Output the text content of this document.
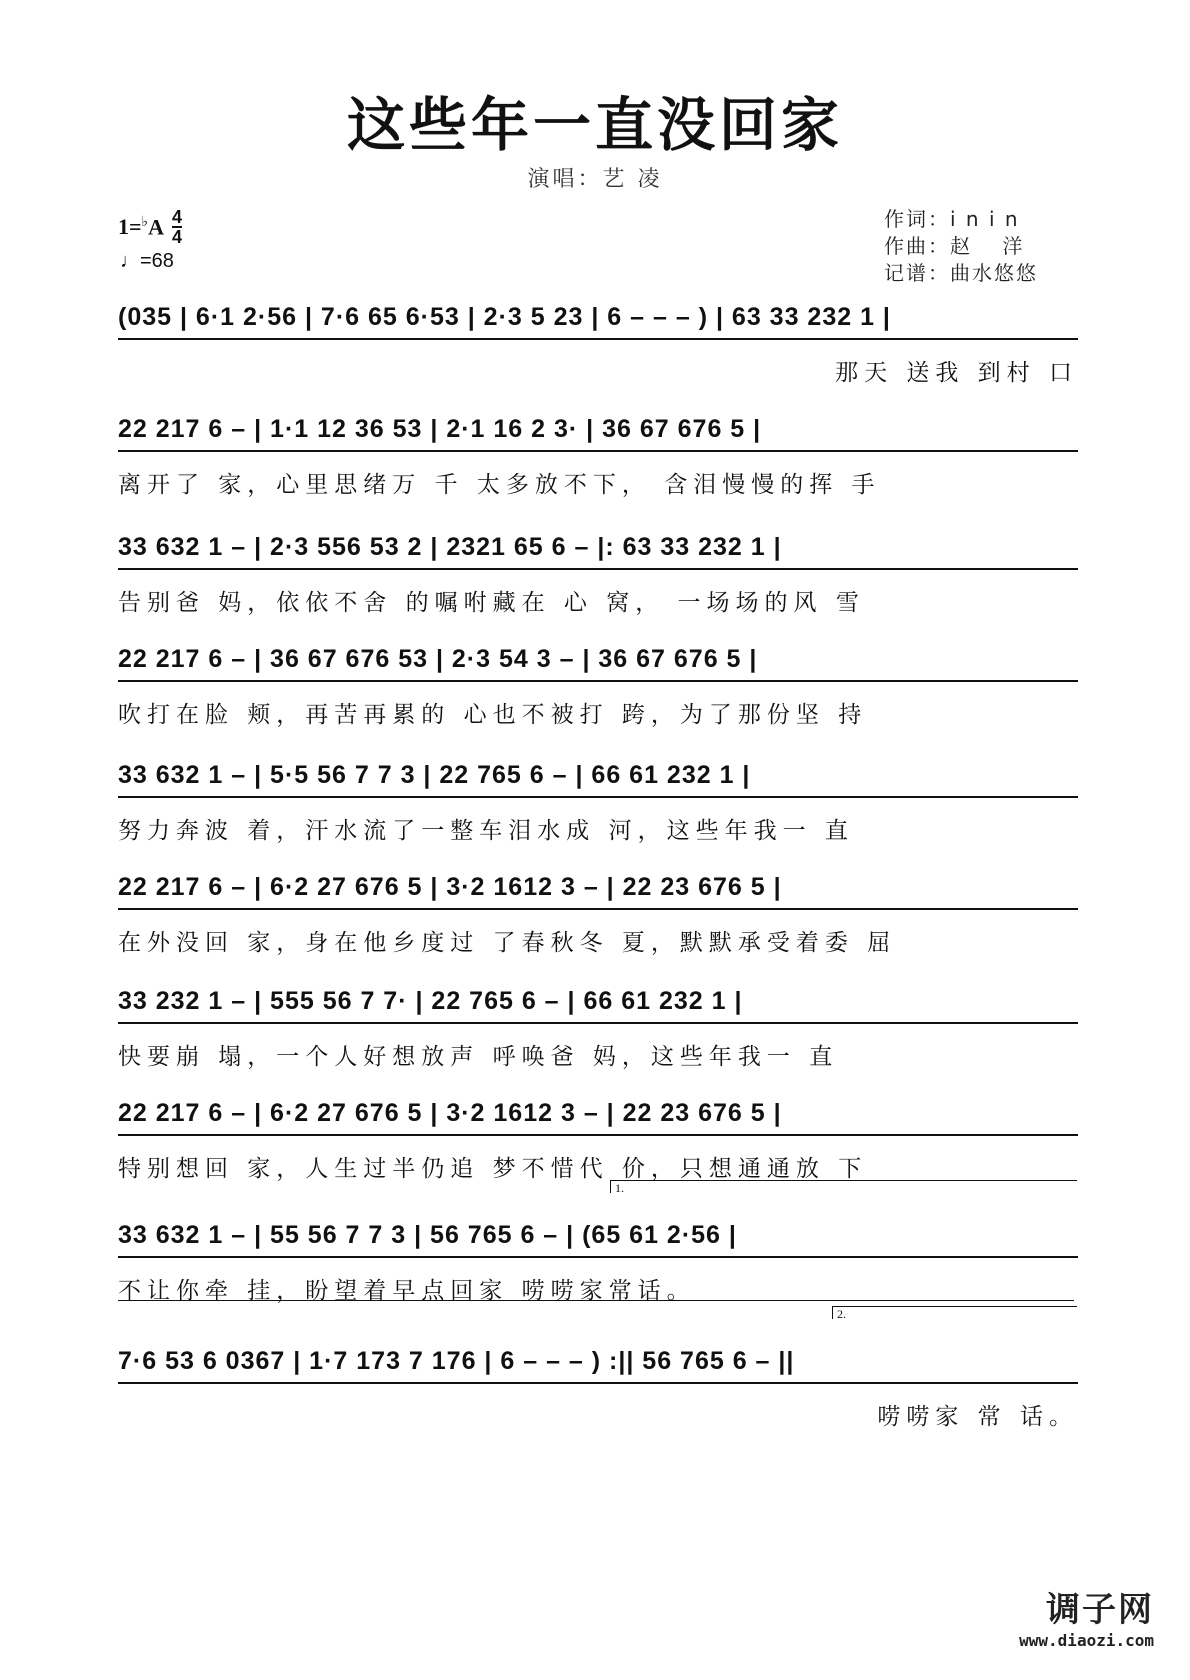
这些年一直没回家
演唱：艺 凌
$1= ^♭A \frac{4}{4}$
♩=68
作词：i n i n
作曲：赵　 洋
记谱：曲水悠悠
(035 | 6·1 2·56 | 7·6 65 6·53 | 2·3 5 23 | 6 – – – ) | 63 33 232 1 |
那天 送我 到村 口
22 217 6 – | 1·1 12 36 53 | 2·1 16 2 3· | 36 67 676 5 |
离开了 家，心里思绪万 千 太多放不下， 含泪慢慢的挥 手
33 632 1 – | 2·3 556 53 2 | 2321 65 6 – |: 63 33 232 1 |
告别爸 妈，依依不舍 的嘱咐藏在 心 窝， 一场场的风 雪
22 217 6 – | 36 67 676 53 | 2·3 54 3 – | 36 67 676 5 |
吹打在脸 颊，再苦再累的 心也不被打 跨，为了那份坚 持
33 632 1 – | 5·5 56 7 7 3 | 22 765 6 – | 66 61 232 1 |
努力奔波 着，汗水流了一整车泪水成 河，这些年我一 直
22 217 6 – | 6·2 27 676 5 | 3·2 1612 3 – | 22 23 676 5 |
在外没回 家，身在他乡度过 了春秋冬 夏，默默承受着委 屈
33 232 1 – | 555 56 7 7· | 22 765 6 – | 66 61 232 1 |
快要崩 塌，一个人好想放声 呼唤爸 妈，这些年我一 直
22 217 6 – | 6·2 27 676 5 | 3·2 1612 3 – | 22 23 676 5 |
特别想回 家，人生过半仍追 梦不惜代 价，只想通通放 下
1.
33 632 1 – | 55 56 7 7 3 | 56 765 6 – | (65 61 2·56 |
不让你牵 挂，盼望着早点回家 唠唠家常话。
2.
7·6 53 6 0367 | 1·7 173 7 176 | 6 – – – ) :|| 56 765 6 – ||
唠唠家 常 话。
调子网
www.diaozi.com
